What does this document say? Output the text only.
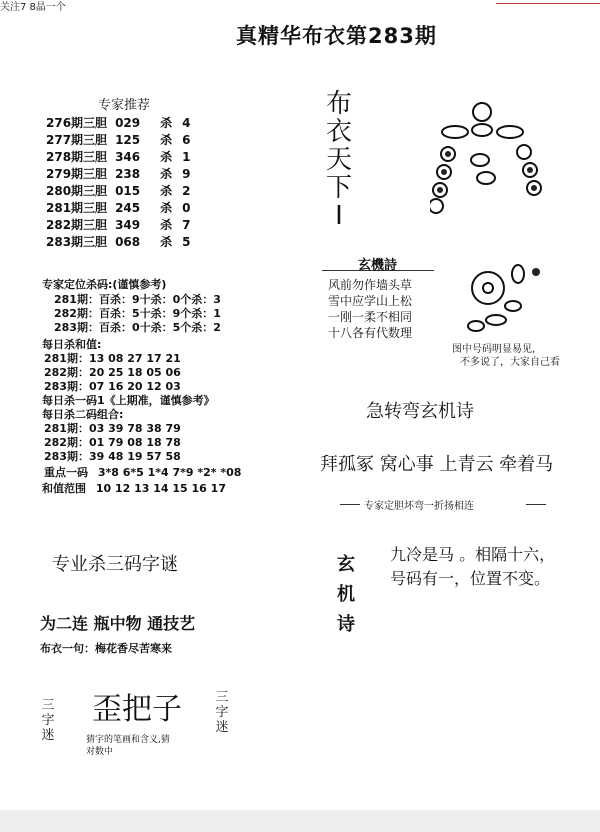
关注7 8晶一个
真精华布衣第283期
专家推荐
276期三胆 029 杀 4
277期三胆 125 杀 6
278期三胆 346 杀 1
279期三胆 238 杀 9
280期三胆 015 杀 2
281期三胆 245 杀 0
282期三胆 349 杀 7
283期三胆 068 杀 5
专家定位杀码:(谨慎参考)
281期：百杀：9十杀：0个杀：3
282期：百杀：5十杀：9个杀：1
283期：百杀：0十杀：5个杀：2
每日杀和值:
281期：13 08 27 17 21
282期：20 25 18 05 06
283期：07 16 20 12 03
每日杀一码1《上期准，谨慎参考》
每日杀二码组合:
281期：03 39 78 38 79
282期：01 79 08 18 78
283期：39 48 19 57 58
重点一码 3*8 6*5 1*4 7*9 *2* *08
和值范围 10 12 13 14 15 16 17
布
衣
天
下
I
玄機詩
风前勿作墙头草
雪中应学山上松
一刚一柔不相同
十八各有代数理
图中号码明显易见,
不多说了，大家自己看
急转弯玄机诗
拜孤冢 窝心事 上青云 牵着马
专家定胆坏弯一折扬相连
专业杀三码字谜
为二连 瓶中物 通技艺
布衣一句：梅花香尽苦寒来
玄
机
诗
九冷是马 。相隔十六，
号码有一，位置不变。
三
字
迷
三
字
迷
歪把子
猜字的笔画和含义,猜
对数中
